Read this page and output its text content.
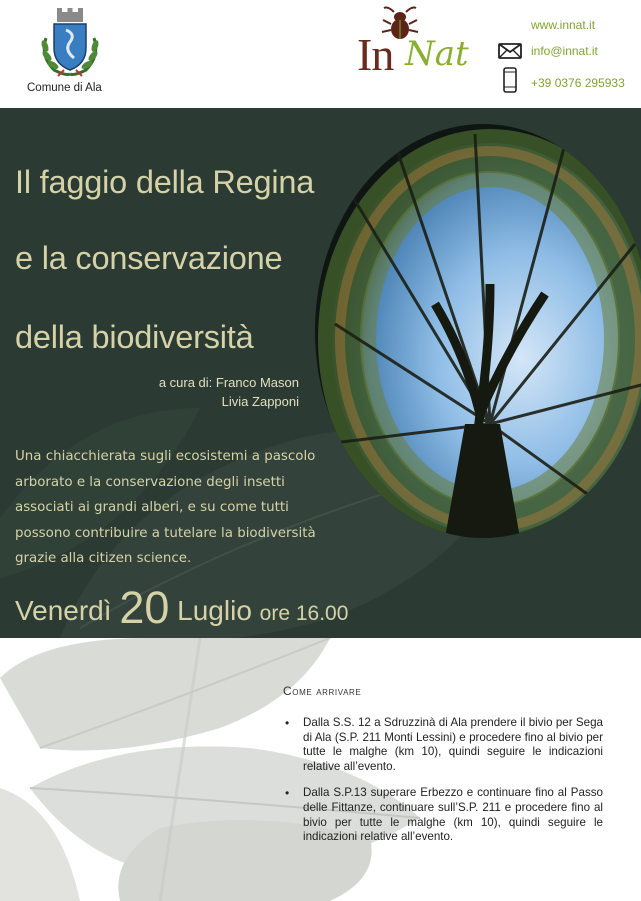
Comune di Ala
In Nat
www.innat.it
info@innat.it
+39 0376 295933
Il faggio della Regina
e la conservazione
della biodiversità
a cura di: Franco Mason
Livia Zapponi
Una chiacchierata sugli ecosistemi a pascolo arborato e la conservazione degli insetti associati ai grandi alberi, e su come tutti possono contribuire a tutelare la biodiversità grazie alla citizen science.
Venerdì 20 Luglio ore 16.00
Come arrivare
• Dalla S.S. 12 a Sdruzzinà di Ala prendere il bivio per Sega di Ala (S.P. 211 Monti Lessini) e procedere fino al bivio per tutte le malghe (km 10), quindi seguire le indicazioni relative all’evento.
• Dalla S.P.13 superare Erbezzo e continuare fino al Passo delle Fittanze, continuare sull’S.P. 211 e procedere fino al bivio per tutte le malghe (km 10), quindi seguire le indicazioni relative all’evento.
